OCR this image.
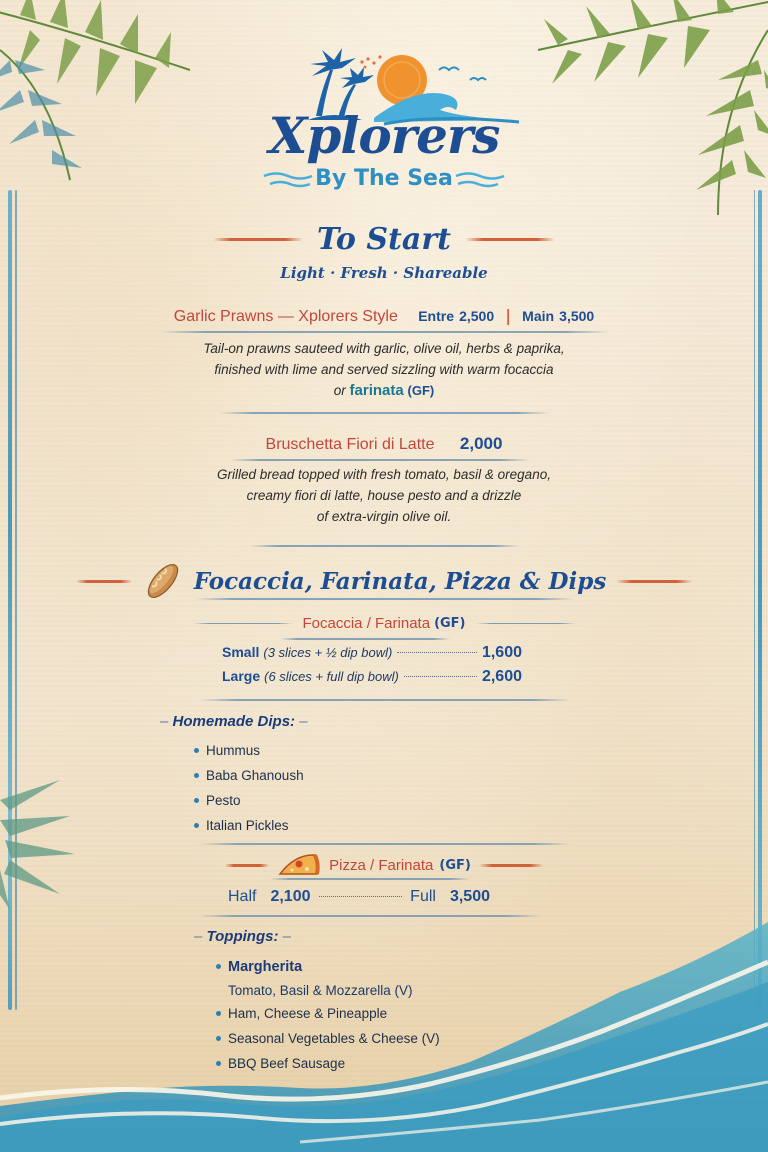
Xplorers
By The Sea
To Start
Light · Fresh · Shareable
Garlic Prawns — Xplorers Style Entre 2,500 | Main 3,500
Tail-on prawns sauteed with garlic, olive oil, herbs & paprika,
finished with lime and served sizzling with warm focaccia
or farinata (GF)
Bruschetta Fiori di Latte 2,000
Grilled bread topped with fresh tomato, basil & oregano,
creamy fiori di latte, house pesto and a drizzle
of extra-virgin olive oil.
Focaccia, Farinata, Pizza & Dips
Focaccia / Farinata (GF)
Small (3 slices + ½ dip bowl)	1,600
Large (6 slices + full dip bowl)	2,600
– Homemade Dips: –
Hummus
Baba Ghanoush
Pesto
Italian Pickles
Pizza / Farinata (GF)
Half 2,100	Full 3,500
– Toppings: –
Margherita
Tomato, Basil & Mozzarella (V)
Ham, Cheese & Pineapple
Seasonal Vegetables & Cheese (V)
BBQ Beef Sausage
